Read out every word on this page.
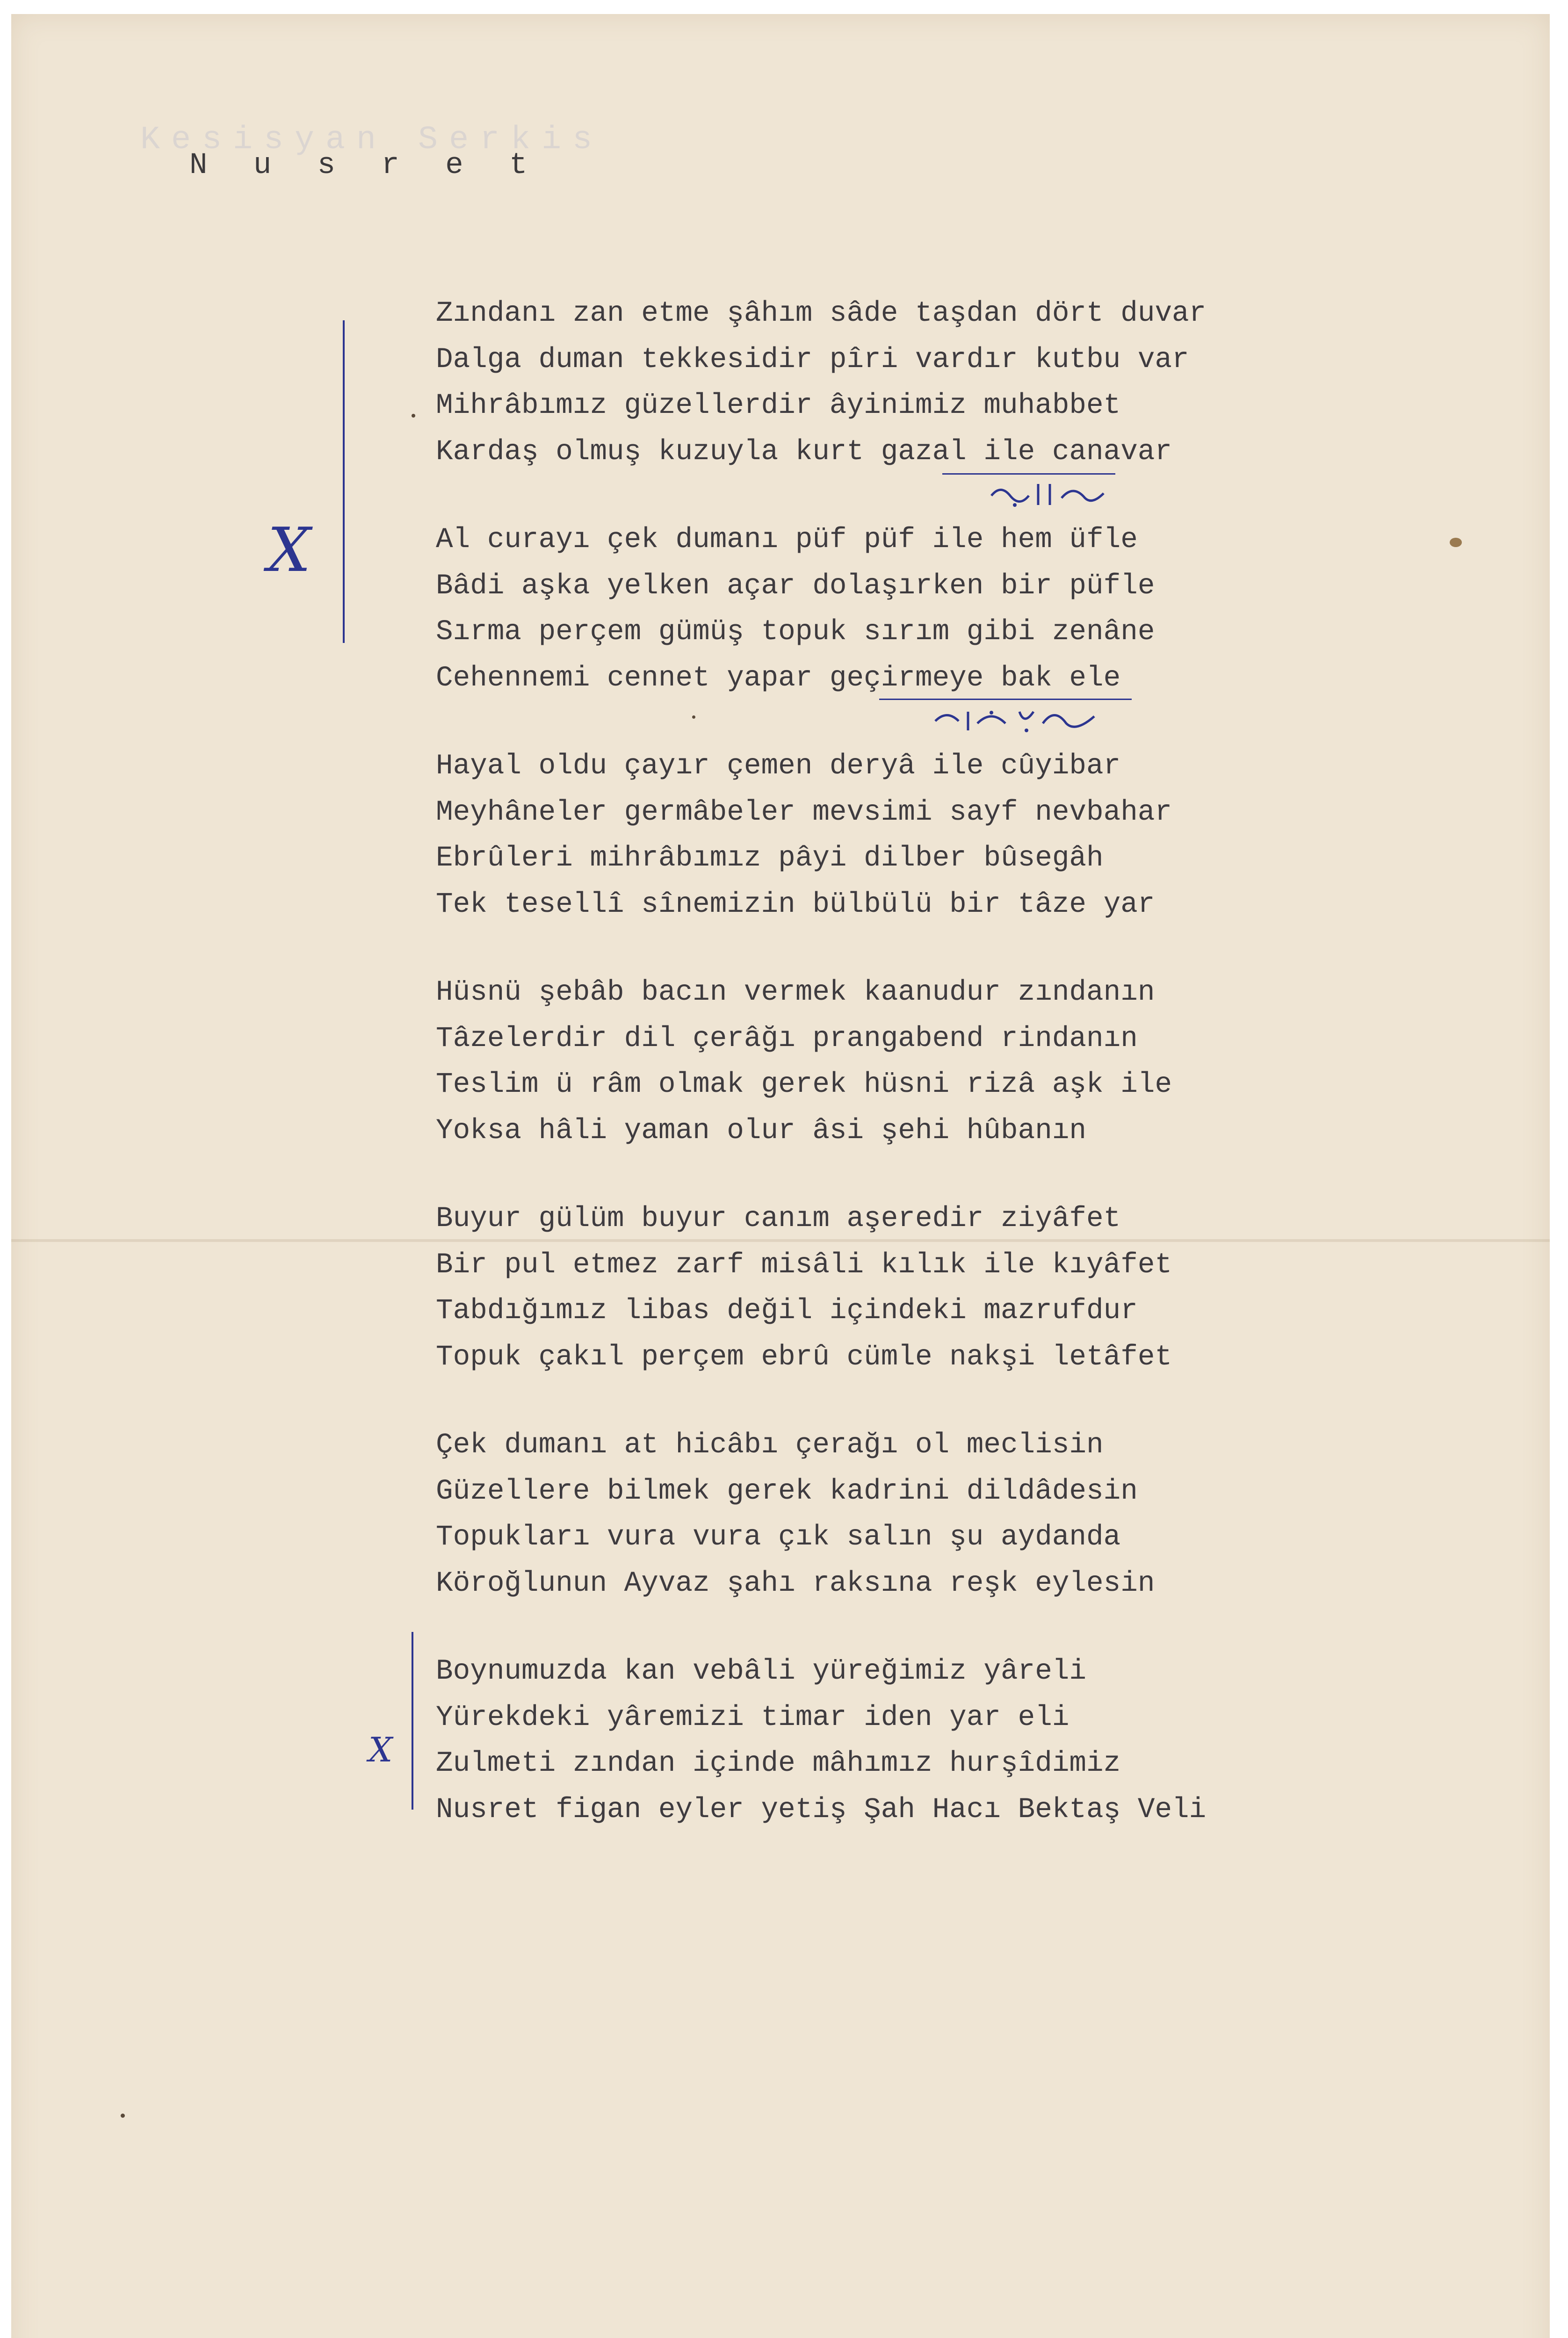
Kesisyan Serkis
N u s r e t
Zındanı zan etme şâhım sâde taşdan dört duvar
Dalga duman tekkesidir pîri vardır kutbu var
Mihrâbımız güzellerdir âyinimiz muhabbet
Kardaş olmuş kuzuyla kurt gazal ile canavar
Al curayı çek dumanı püf püf ile hem üfle
Bâdi aşka yelken açar dolaşırken bir püfle
Sırma perçem gümüş topuk sırım gibi zenâne
Cehennemi cennet yapar geçirmeye bak ele
Hayal oldu çayır çemen deryâ ile cûyibar
Meyhâneler germâbeler mevsimi sayf nevbahar
Ebrûleri mihrâbımız pâyi dilber bûsegâh
Tek tesellî sînemizin bülbülü bir tâze yar
Hüsnü şebâb bacın vermek kaanudur zındanın
Tâzelerdir dil çerâğı prangabend rindanın
Teslim ü râm olmak gerek hüsni rizâ aşk ile
Yoksa hâli yaman olur âsi şehi hûbanın
Buyur gülüm buyur canım aşeredir ziyâfet
Bir pul etmez zarf misâli kılık ile kıyâfet
Tabdığımız libas değil içindeki mazrufdur
Topuk çakıl perçem ebrû cümle nakşi letâfet
Çek dumanı at hicâbı çerağı ol meclisin
Güzellere bilmek gerek kadrini dildâdesin
Topukları vura vura çık salın şu aydanda
Köroğlunun Ayvaz şahı raksına reşk eylesin
Boynumuzda kan vebâli yüreğimiz yâreli
Yürekdeki yâremizi timar iden yar eli
Zulmeti zından içinde mâhımız hurşîdimiz
Nusret figan eyler yetiş Şah Hacı Bektaş Veli
X
X
